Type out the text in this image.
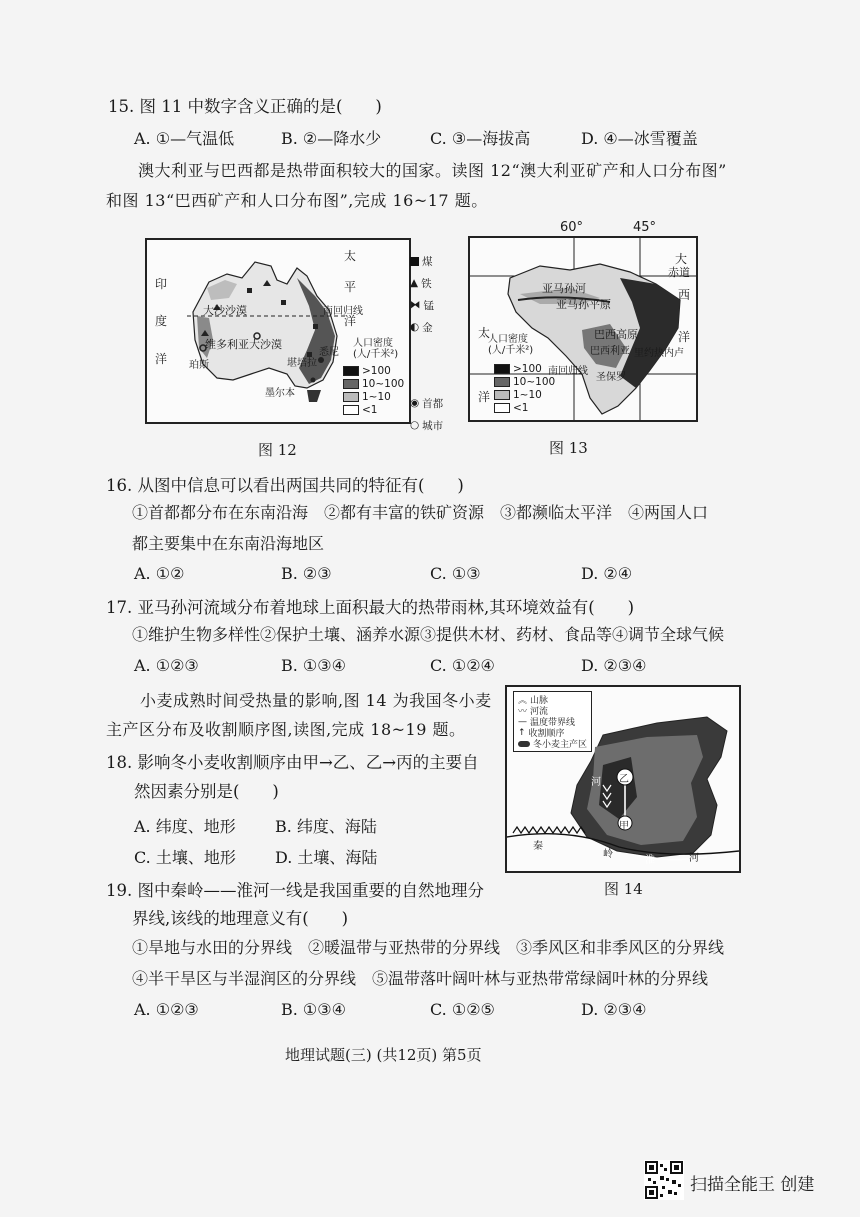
15. 图 11 中数字含义正确的是(　　)
A. ①—气温低	B. ②—降水少	C. ③—海拔高	D. ④—冰雪覆盖
澳大利亚与巴西都是热带面积较大的国家。读图 12“澳大利亚矿产和人口分布图”
和图 13“巴西矿产和人口分布图”,完成 16~17 题。
印
度
洋
太
平
洋
大沙沙漠
维多利亚大沙漠
南回归线
堪培拉
悉尼
墨尔本
珀斯
人口密度
(人/千米²)
>100
10~100
1~10
<1
煤
▲ 铁
⧓ 锰
◐ 金
◉ 首都
○ 城市
图 12
60°	45°
大
西
洋
赤道
太
洋
亚马孙河
亚马孙平原
巴西高原
巴西利亚 里约热内卢
圣保罗
南回归线
人口密度
(人/千米²)
>100
10~100
1~10
<1
图 13
16. 从图中信息可以看出两国共同的特征有(　　)
①首都都分布在东南沿海　②都有丰富的铁矿资源　③都濒临太平洋　④两国人口
都主要集中在东南沿海地区
A. ①②	B. ②③	C. ①③	D. ②④
17. 亚马孙河流域分布着地球上面积最大的热带雨林,其环境效益有(　　)
①维护生物多样性②保护土壤、涵养水源③提供木材、药材、食品等④调节全球气候
A. ①②③	B. ①③④	C. ①②④	D. ②③④
小麦成熟时间受热量的影响,图 14 为我国冬小麦
主产区分布及收割顺序图,读图,完成 18~19 题。
18. 影响冬小麦收割顺序由甲→乙、乙→丙的主要自
然因素分别是(　　)
A. 纬度、地形 B. 纬度、海陆
C. 土壤、地形 D. 土壤、海陆
乙
甲
河
秦
岭
淮	河
︽ 山脉
〰 河流
— 温度带界线
↑ 收割顺序
冬小麦主产区
图 14
19. 图中秦岭——淮河一线是我国重要的自然地理分
界线,该线的地理意义有(　　)
①旱地与水田的分界线　②暖温带与亚热带的分界线　③季风区和非季风区的分界线
④半干旱区与半湿润区的分界线　⑤温带落叶阔叶林与亚热带常绿阔叶林的分界线
A. ①②③	B. ①③④	C. ①②⑤	D. ②③④
地理试题(三) (共12页) 第5页
扫描全能王 创建
